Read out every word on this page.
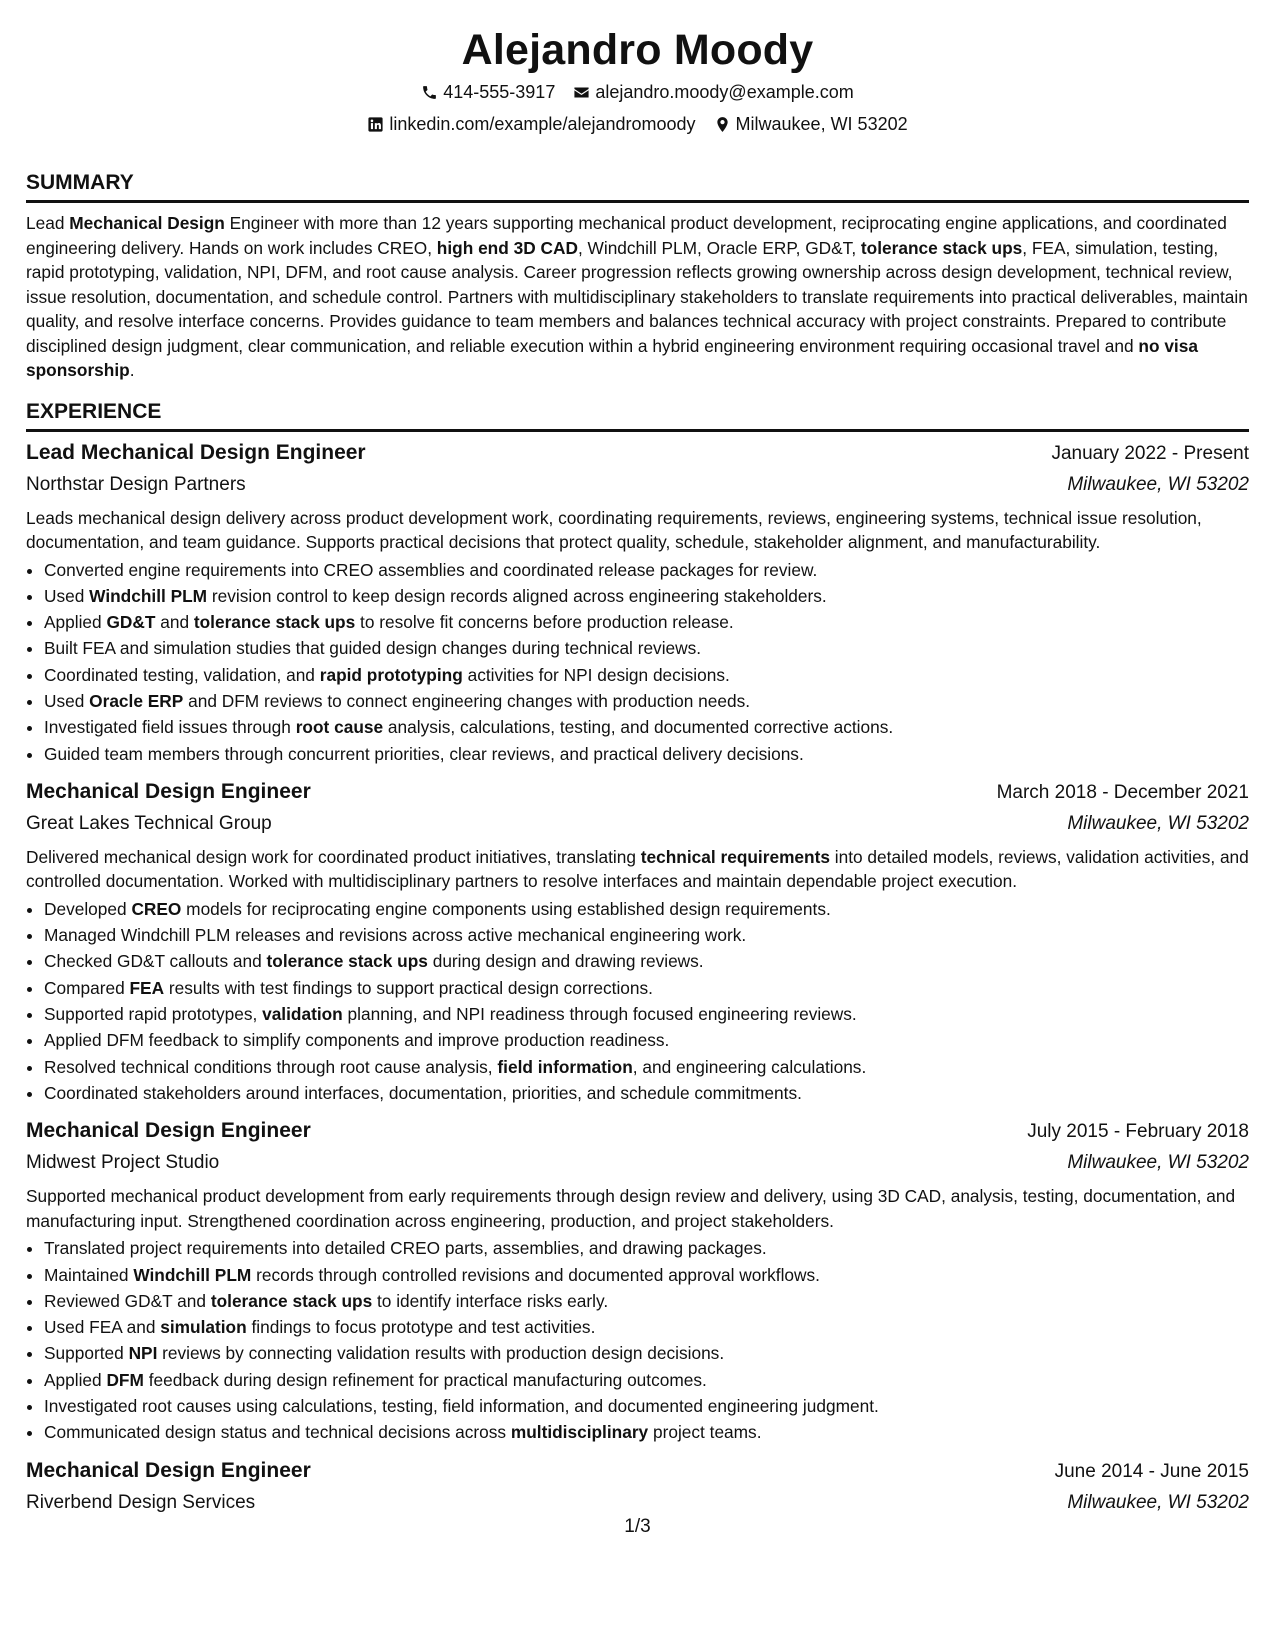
Alejandro Moody
414-555-3917 alejandro.moody@example.com
linkedin.com/example/alejandromoody Milwaukee, WI 53202
SUMMARY

Lead Mechanical Design Engineer with more than 12 years supporting mechanical product development, reciprocating engine applications, and coordinated engineering delivery. Hands on work includes CREO, high end 3D CAD, Windchill PLM, Oracle ERP, GD&T, tolerance stack ups, FEA, simulation, testing, rapid prototyping, validation, NPI, DFM, and root cause analysis. Career progression reflects growing ownership across design development, technical review, issue resolution, documentation, and schedule control. Partners with multidisciplinary stakeholders to translate requirements into practical deliverables, maintain quality, and resolve interface concerns. Provides guidance to team members and balances technical accuracy with project constraints. Prepared to contribute disciplined design judgment, clear communication, and reliable execution within a hybrid engineering environment requiring occasional travel and no visa sponsorship.

EXPERIENCE
Lead Mechanical Design Engineer	January 2022 - Present
Northstar Design Partners	Milwaukee, WI 53202

Leads mechanical design delivery across product development work, coordinating requirements, reviews, engineering systems, technical issue resolution, documentation, and team guidance. Supports practical decisions that protect quality, schedule, stakeholder alignment, and manufacturability.

• Converted engine requirements into CREO assemblies and coordinated release packages for review.
• Used Windchill PLM revision control to keep design records aligned across engineering stakeholders.
• Applied GD&T and tolerance stack ups to resolve fit concerns before production release.
• Built FEA and simulation studies that guided design changes during technical reviews.
• Coordinated testing, validation, and rapid prototyping activities for NPI design decisions.
• Used Oracle ERP and DFM reviews to connect engineering changes with production needs.
• Investigated field issues through root cause analysis, calculations, testing, and documented corrective actions.
• Guided team members through concurrent priorities, clear reviews, and practical delivery decisions.
Mechanical Design Engineer	March 2018 - December 2021
Great Lakes Technical Group	Milwaukee, WI 53202

Delivered mechanical design work for coordinated product initiatives, translating technical requirements into detailed models, reviews, validation activities, and controlled documentation. Worked with multidisciplinary partners to resolve interfaces and maintain dependable project execution.

• Developed CREO models for reciprocating engine components using established design requirements.
• Managed Windchill PLM releases and revisions across active mechanical engineering work.
• Checked GD&T callouts and tolerance stack ups during design and drawing reviews.
• Compared FEA results with test findings to support practical design corrections.
• Supported rapid prototypes, validation planning, and NPI readiness through focused engineering reviews.
• Applied DFM feedback to simplify components and improve production readiness.
• Resolved technical conditions through root cause analysis, field information, and engineering calculations.
• Coordinated stakeholders around interfaces, documentation, priorities, and schedule commitments.
Mechanical Design Engineer	July 2015 - February 2018
Midwest Project Studio	Milwaukee, WI 53202

Supported mechanical product development from early requirements through design review and delivery, using 3D CAD, analysis, testing, documentation, and manufacturing input. Strengthened coordination across engineering, production, and project stakeholders.

• Translated project requirements into detailed CREO parts, assemblies, and drawing packages.
• Maintained Windchill PLM records through controlled revisions and documented approval workflows.
• Reviewed GD&T and tolerance stack ups to identify interface risks early.
• Used FEA and simulation findings to focus prototype and test activities.
• Supported NPI reviews by connecting validation results with production design decisions.
• Applied DFM feedback during design refinement for practical manufacturing outcomes.
• Investigated root causes using calculations, testing, field information, and documented engineering judgment.
• Communicated design status and technical decisions across multidisciplinary project teams.
Mechanical Design Engineer	June 2014 - June 2015
Riverbend Design Services	Milwaukee, WI 53202
1/3
